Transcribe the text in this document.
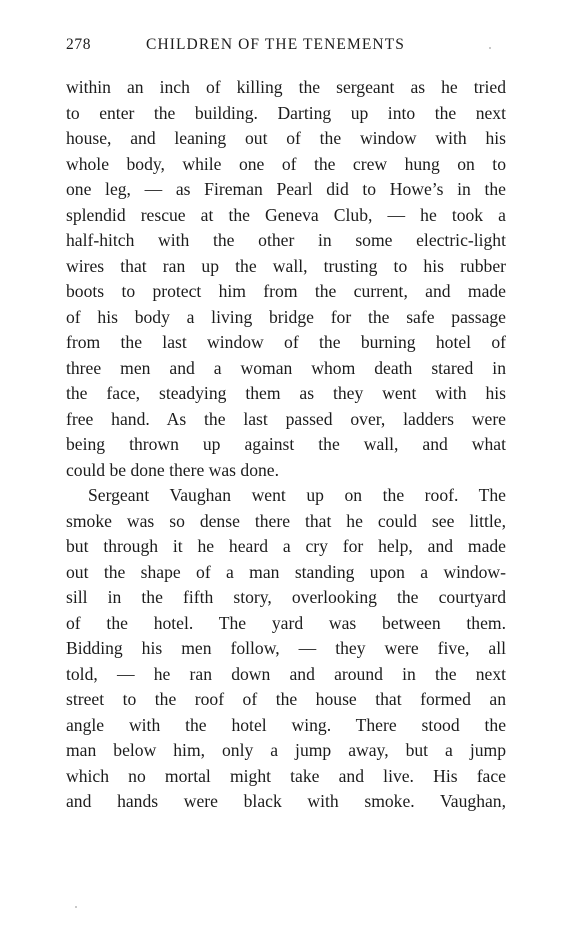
278	CHILDREN OF THE TENEMENTS
within an inch of killing the sergeant as he tried
to enter the building. Darting up into the next
house, and leaning out of the window with his
whole body, while one of the crew hung on to
one leg, — as Fireman Pearl did to Howe’s in the
splendid rescue at the Geneva Club, — he took a
half-hitch with the other in some electric-light
wires that ran up the wall, trusting to his rubber
boots to protect him from the current, and made
of his body a living bridge for the safe passage
from the last window of the burning hotel of
three men and a woman whom death stared in
the face, steadying them as they went with his
free hand. As the last passed over, ladders were
being thrown up against the wall, and what
could be done there was done.
Sergeant Vaughan went up on the roof. The
smoke was so dense there that he could see little,
but through it he heard a cry for help, and made
out the shape of a man standing upon a window-
sill in the fifth story, overlooking the courtyard
of the hotel. The yard was between them.
Bidding his men follow, — they were five, all
told, — he ran down and around in the next
street to the roof of the house that formed an
angle with the hotel wing. There stood the
man below him, only a jump away, but a jump
which no mortal might take and live. His face
and hands were black with smoke. Vaughan,
